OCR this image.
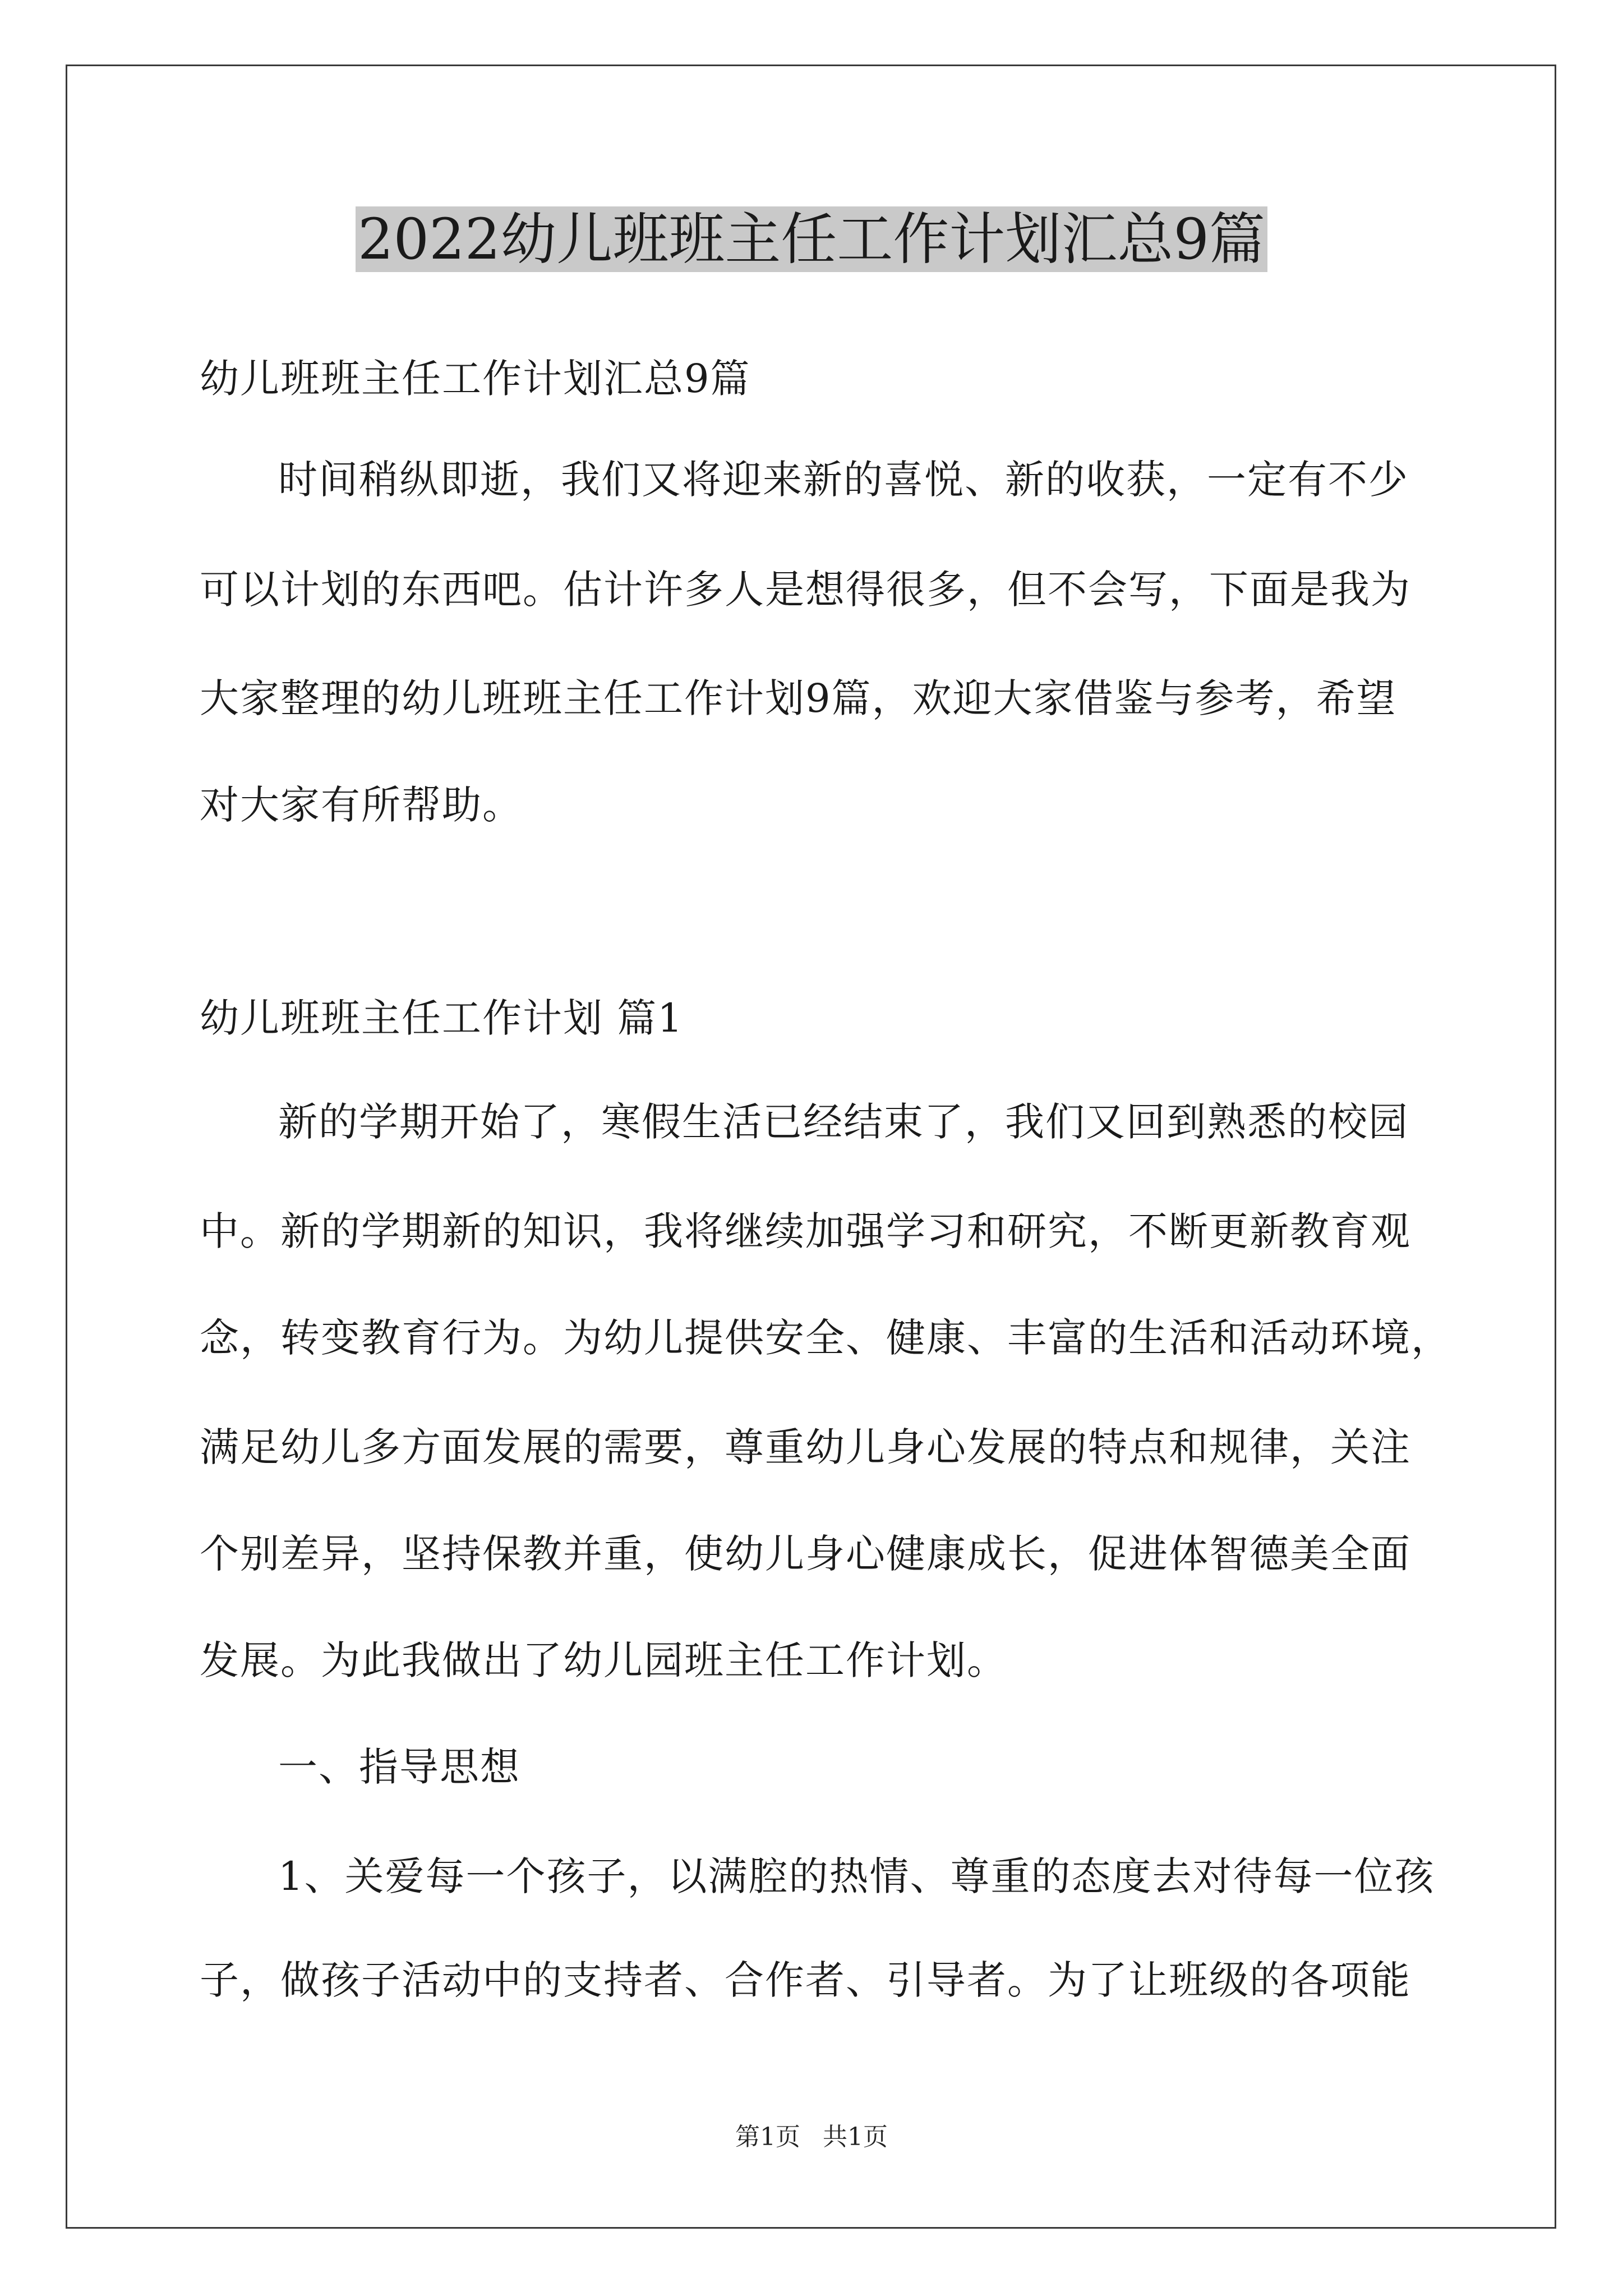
2022幼儿班班主任工作计划汇总9篇
幼儿班班主任工作计划汇总9篇
时间稍纵即逝，我们又将迎来新的喜悦、新的收获，一定有不少
可以计划的东西吧。估计许多人是想得很多，但不会写，下面是我为
大家整理的幼儿班班主任工作计划9篇，欢迎大家借鉴与参考，希望
对大家有所帮助。
幼儿班班主任工作计划 篇1
新的学期开始了，寒假生活已经结束了，我们又回到熟悉的校园
中。新的学期新的知识，我将继续加强学习和研究，不断更新教育观
念，转变教育行为。为幼儿提供安全、健康、丰富的生活和活动环境，
满足幼儿多方面发展的需要，尊重幼儿身心发展的特点和规律，关注
个别差异，坚持保教并重，使幼儿身心健康成长，促进体智德美全面
发展。为此我做出了幼儿园班主任工作计划。
一、指导思想
1、关爱每一个孩子，以满腔的热情、尊重的态度去对待每一位孩
子，做孩子活动中的支持者、合作者、引导者。为了让班级的各项能
第1页 共1页
